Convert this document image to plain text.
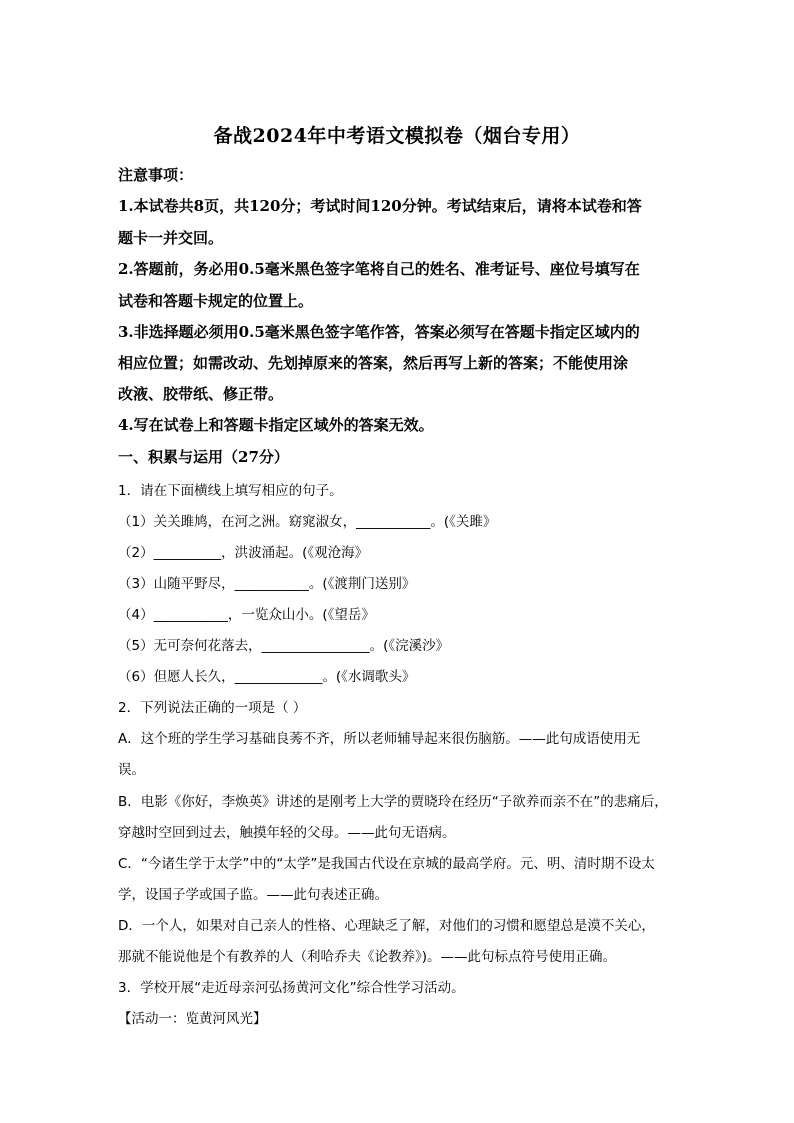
备战2024年中考语文模拟卷（烟台专用）
注意事项：
1.本试卷共8页，共120分；考试时间120分钟。考试结束后，请将本试卷和答
题卡一并交回。
2.答题前，务必用0.5毫米黑色签字笔将自己的姓名、准考证号、座位号填写在
试卷和答题卡规定的位置上。
3.非选择题必须用0.5毫米黑色签字笔作答，答案必须写在答题卡指定区域内的
相应位置；如需改动、先划掉原来的答案，然后再写上新的答案；不能使用涂
改液、胶带纸、修正带。
4.写在试卷上和答题卡指定区域外的答案无效。
一、积累与运用（27分）
1．请在下面横线上填写相应的句子。
（1）关关雎鸠，在河之洲。窈窕淑女，___________。(《关雎》
（2）__________，洪波涌起。(《观沧海》
（3）山随平野尽，___________。(《渡荆门送别》
（4）___________，一览众山小。(《望岳》
（5）无可奈何花落去，________________。(《浣溪沙》
（6）但愿人长久，_____________。(《水调歌头》
2．下列说法正确的一项是（ ）
A．这个班的学生学习基础良莠不齐，所以老师辅导起来很伤脑筋。——此句成语使用无
误。
B．电影《你好，李焕英》讲述的是刚考上大学的贾晓玲在经历“子欲养而亲不在”的悲痛后，
穿越时空回到过去，触摸年轻的父母。——此句无语病。
C．“今诸生学于太学”中的“太学”是我国古代设在京城的最高学府。元、明、清时期不设太
学，设国子学或国子监。——此句表述正确。
D．一个人，如果对自己亲人的性格、心理缺乏了解，对他们的习惯和愿望总是漠不关心，
那就不能说他是个有教养的人（利哈乔夫《论教养》)。——此句标点符号使用正确。
3．学校开展“走近母亲河弘扬黄河文化”综合性学习活动。
【活动一：览黄河风光】
